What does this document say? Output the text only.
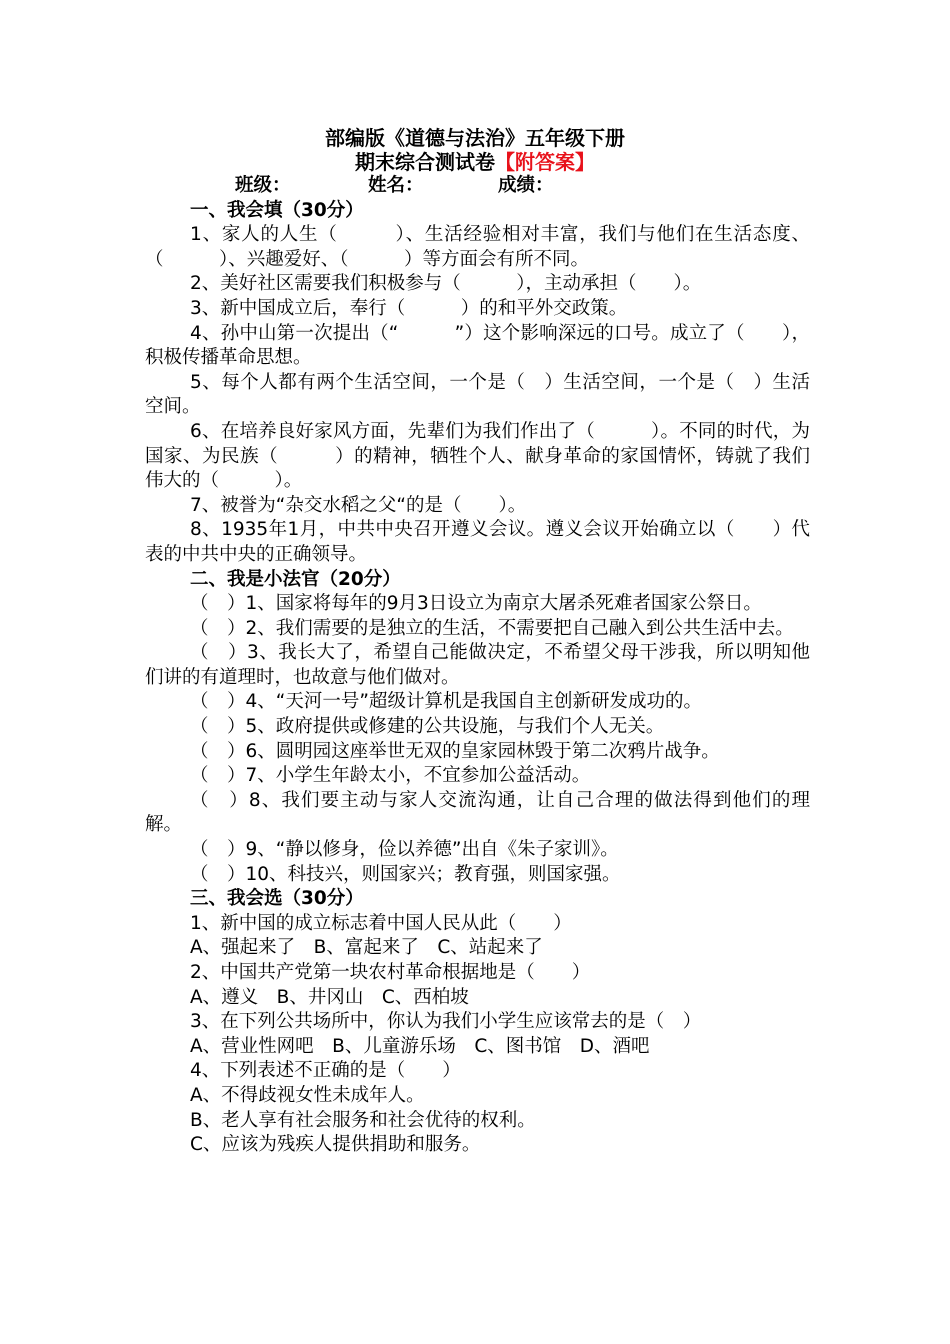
部编版《道德与法治》五年级下册
期末综合测试卷【附答案】

班级：	姓名：	成绩：

一、我会填（30分）

1、家人的人生（　　　）、生活经验相对丰富，我们与他们在生活态度、（　　　）、兴趣爱好、（　　　）等方面会有所不同。

2、美好社区需要我们积极参与（　　　），主动承担（　　）。

3、新中国成立后，奉行（　　　）的和平外交政策。

4、孙中山第一次提出（“　　　”）这个影响深远的口号。成立了（　　），积极传播革命思想。

5、每个人都有两个生活空间，一个是（　）生活空间，一个是（　）生活空间。

6、在培养良好家风方面，先辈们为我们作出了（　　　）。不同的时代，为国家、为民族（　　　）的精神，牺牲个人、献身革命的家国情怀，铸就了我们伟大的（　　　）。

7、被誉为“杂交水稻之父“的是（　　）。

8、1935年1月，中共中央召开遵义会议。遵义会议开始确立以（　　）代表的中共中央的正确领导。

二、我是小法官（20分）

（　）1、国家将每年的9月3日设立为南京大屠杀死难者国家公祭日。

（　）2、我们需要的是独立的生活，不需要把自己融入到公共生活中去。

（　）3、我长大了，希望自己能做决定，不希望父母干涉我，所以明知他们讲的有道理时，也故意与他们做对。

（　）4、“天河一号”超级计算机是我国自主创新研发成功的。

（　）5、政府提供或修建的公共设施，与我们个人无关。

（　）6、圆明园这座举世无双的皇家园林毁于第二次鸦片战争。

（　）7、小学生年龄太小，不宜参加公益活动。

（　）8、我们要主动与家人交流沟通，让自己合理的做法得到他们的理解。

（　）9、“静以修身，俭以养德”出自《朱子家训》。

（　）10、科技兴，则国家兴；教育强，则国家强。

三、我会选（30分）

1、新中国的成立标志着中国人民从此（　　）

A、强起来了　B、富起来了　C、站起来了

2、中国共产党第一块农村革命根据地是（　　）

A、遵义　B、井冈山　C、西柏坡

3、在下列公共场所中，你认为我们小学生应该常去的是（　）

A、营业性网吧　B、儿童游乐场　C、图书馆　D、酒吧

4、下列表述不正确的是（　　）

A、不得歧视女性未成年人。

B、老人享有社会服务和社会优待的权利。

C、应该为残疾人提供捐助和服务。
